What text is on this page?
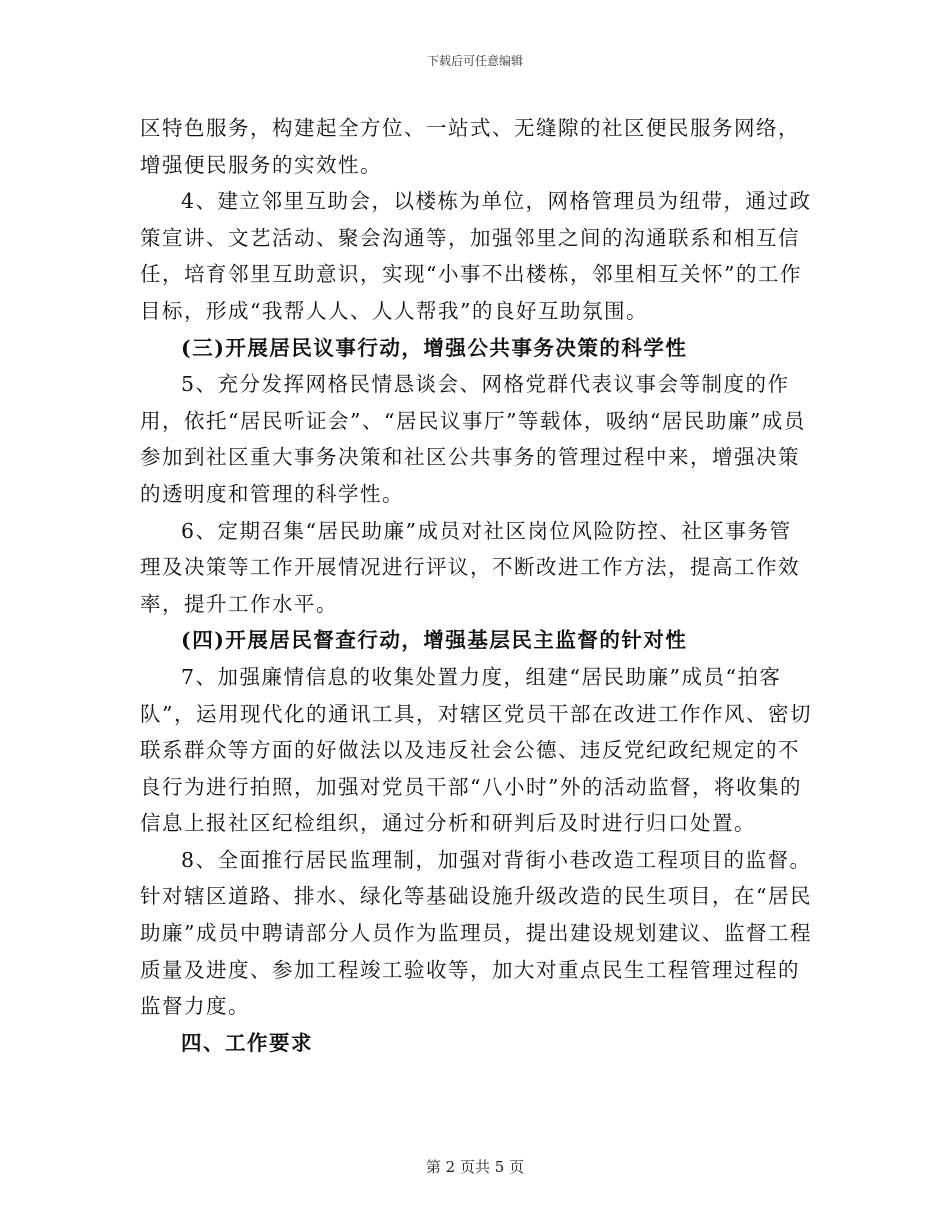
下载后可任意编辑

区特色服务，构建起全方位、一站式、无缝隙的社区便民服务网络，增强便民服务的实效性。

4、建立邻里互助会，以楼栋为单位，网格管理员为纽带，通过政策宣讲、文艺活动、聚会沟通等，加强邻里之间的沟通联系和相互信任，培育邻里互助意识，实现“小事不出楼栋，邻里相互关怀”的工作目标，形成“我帮人人、人人帮我”的良好互助氛围。

(三)开展居民议事行动，增强公共事务决策的科学性

5、充分发挥网格民情恳谈会、网格党群代表议事会等制度的作用，依托“居民听证会”、“居民议事厅”等载体，吸纳“居民助廉”成员参加到社区重大事务决策和社区公共事务的管理过程中来，增强决策的透明度和管理的科学性。

6、定期召集“居民助廉”成员对社区岗位风险防控、社区事务管理及决策等工作开展情况进行评议，不断改进工作方法，提高工作效率，提升工作水平。

(四)开展居民督查行动，增强基层民主监督的针对性

7、加强廉情信息的收集处置力度，组建“居民助廉”成员“拍客队”，运用现代化的通讯工具，对辖区党员干部在改进工作作风、密切联系群众等方面的好做法以及违反社会公德、违反党纪政纪规定的不良行为进行拍照，加强对党员干部“八小时”外的活动监督，将收集的信息上报社区纪检组织，通过分析和研判后及时进行归口处置。

8、全面推行居民监理制，加强对背街小巷改造工程项目的监督。针对辖区道路、排水、绿化等基础设施升级改造的民生项目，在“居民助廉”成员中聘请部分人员作为监理员，提出建设规划建议、监督工程质量及进度、参加工程竣工验收等，加大对重点民生工程管理过程的监督力度。

四、工作要求

第 2 页共 5 页
